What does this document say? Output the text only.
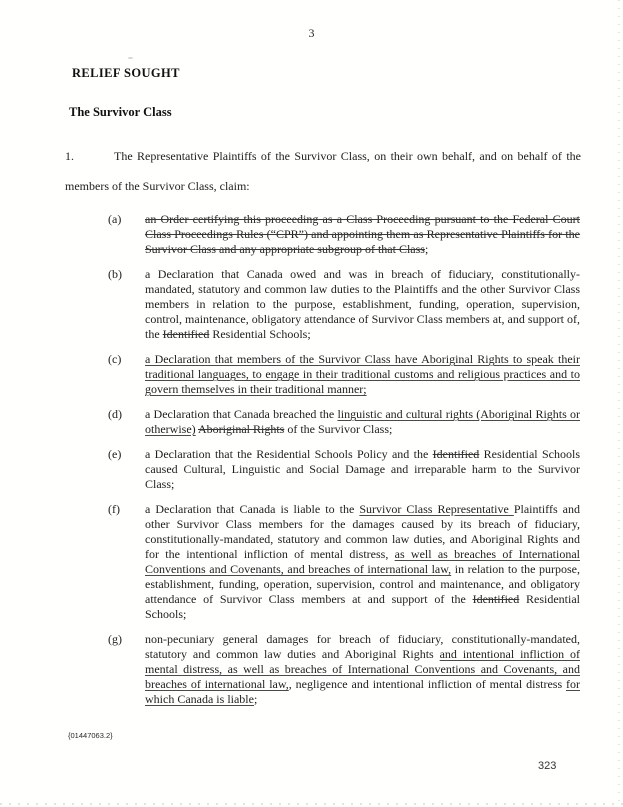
3
RELIEF SOUGHT
The Survivor Class
1.	The Representative Plaintiffs of the Survivor Class, on their own behalf, and on behalf of the members of the Survivor Class, claim:
(a)	an Order certifying this proceeding as a Class Proceeding pursuant to the Federal Court Class Proceedings Rules (“CPR”) and appointing them as Representative Plaintiffs for the Survivor Class and any appropriate subgroup of that Class;
(b)	a Declaration that Canada owed and was in breach of fiduciary, constitutionally-mandated, statutory and common law duties to the Plaintiffs and the other Survivor Class members in relation to the purpose, establishment, funding, operation, supervision, control, maintenance, obligatory attendance of Survivor Class members at, and support of, the Identified Residential Schools;
(c)	a Declaration that members of the Survivor Class have Aboriginal Rights to speak their traditional languages, to engage in their traditional customs and religious practices and to govern themselves in their traditional manner;
(d)	a Declaration that Canada breached the linguistic and cultural rights (Aboriginal Rights or otherwise) Aboriginal Rights of the Survivor Class;
(e)	a Declaration that the Residential Schools Policy and the Identified Residential Schools caused Cultural, Linguistic and Social Damage and irreparable harm to the Survivor Class;
(f)	a Declaration that Canada is liable to the Survivor Class Representative Plaintiffs and other Survivor Class members for the damages caused by its breach of fiduciary, constitutionally-mandated, statutory and common law duties, and Aboriginal Rights and for the intentional infliction of mental distress, as well as breaches of International Conventions and Covenants, and breaches of international law, in relation to the purpose, establishment, funding, operation, supervision, control and maintenance, and obligatory attendance of Survivor Class members at and support of the Identified Residential Schools;
(g)	non-pecuniary general damages for breach of fiduciary, constitutionally-mandated, statutory and common law duties and Aboriginal Rights and intentional infliction of mental distress, as well as breaches of International Conventions and Covenants, and breaches of international law,, negligence and intentional infliction of mental distress for which Canada is liable;
{01447063.2}
323
